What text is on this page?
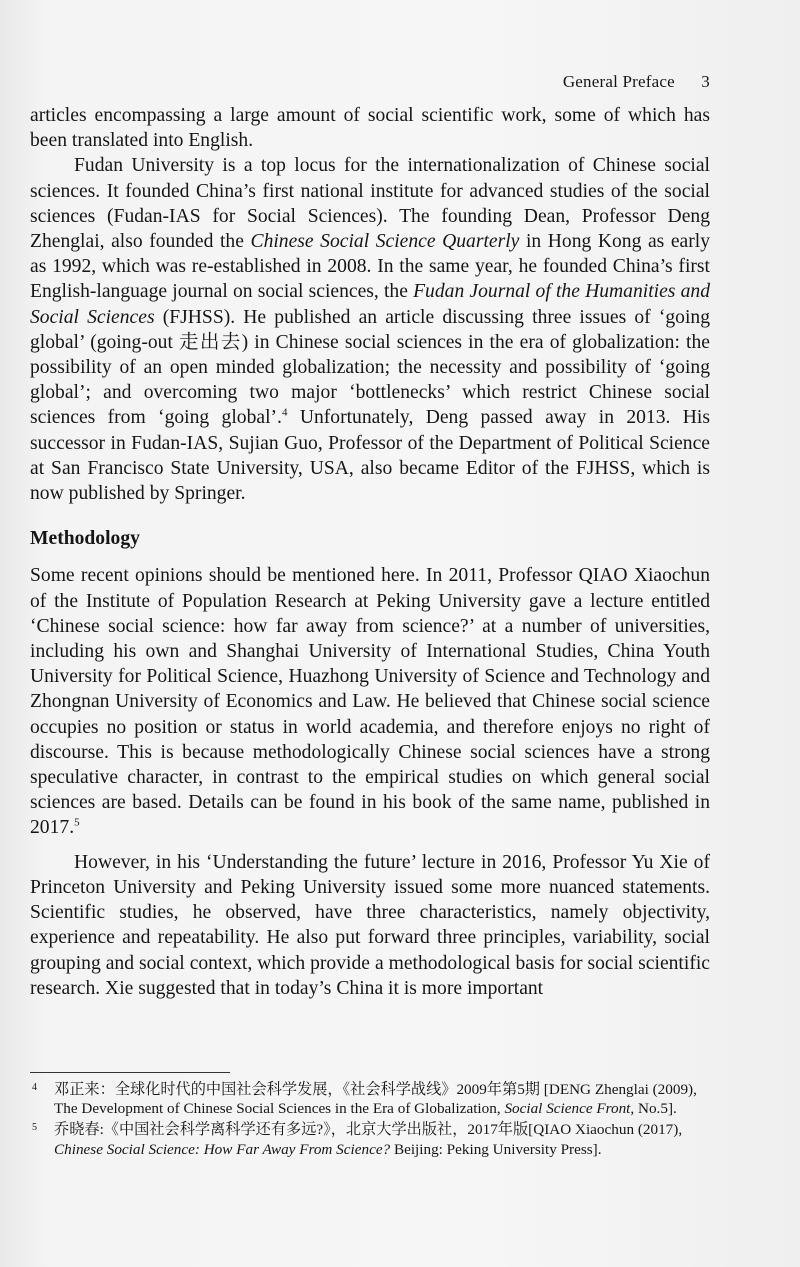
General Preface 3

articles encompassing a large amount of social scientific work, some of which has been translated into English.

Fudan University is a top locus for the internationalization of Chinese social sciences. It founded China’s first national institute for advanced studies of the social sciences (Fudan-IAS for Social Sciences). The founding Dean, Professor Deng Zhenglai, also founded the Chinese Social Science Quarterly in Hong Kong as early as 1992, which was re-established in 2008. In the same year, he founded China’s first English-language journal on social sciences, the Fudan Journal of the Humanities and Social Sciences (FJHSS). He published an article discussing three issues of ‘going global’ (going-out 走出去) in Chinese social sciences in the era of globalization: the possibility of an open minded globalization; the necessity and possibility of ‘going global’; and overcoming two major ‘bottlenecks’ which restrict Chinese social sciences from ‘going global’.$^4$ Unfortunately, Deng passed away in 2013. His successor in Fudan-IAS, Sujian Guo, Professor of the Department of Political Science at San Francisco State University, USA, also became Editor of the FJHSS, which is now published by Springer.

Methodology

Some recent opinions should be mentioned here. In 2011, Professor QIAO Xiaochun of the Institute of Population Research at Peking University gave a lecture entitled ‘Chinese social science: how far away from science?’ at a number of universities, including his own and Shanghai University of International Studies, China Youth University for Political Science, Huazhong University of Science and Technology and Zhongnan University of Economics and Law. He believed that Chinese social science occupies no position or status in world academia, and therefore enjoys no right of discourse. This is because methodologically Chinese social sciences have a strong speculative character, in contrast to the empirical studies on which general social sciences are based. Details can be found in his book of the same name, published in 2017.$^5$

However, in his ‘Understanding the future’ lecture in 2016, Professor Yu Xie of Princeton University and Peking University issued some more nuanced statements. Scientific studies, he observed, have three characteristics, namely objectivity, experience and repeatability. He also put forward three principles, variability, social grouping and social context, which provide a methodological basis for social scientific research. Xie suggested that in today’s China it is more important

4 邓正来：全球化时代的中国社会科学发展，《社会科学战线》2009年第5期 [DENG Zhenglai (2009), The Development of Chinese Social Sciences in the Era of Globalization, Social Science Front, No.5].
5 乔晓春:《中国社会科学离科学还有多远?》，北京大学出版社，2017年版[QIAO Xiaochun (2017), Chinese Social Science: How Far Away From Science? Beijing: Peking University Press].
